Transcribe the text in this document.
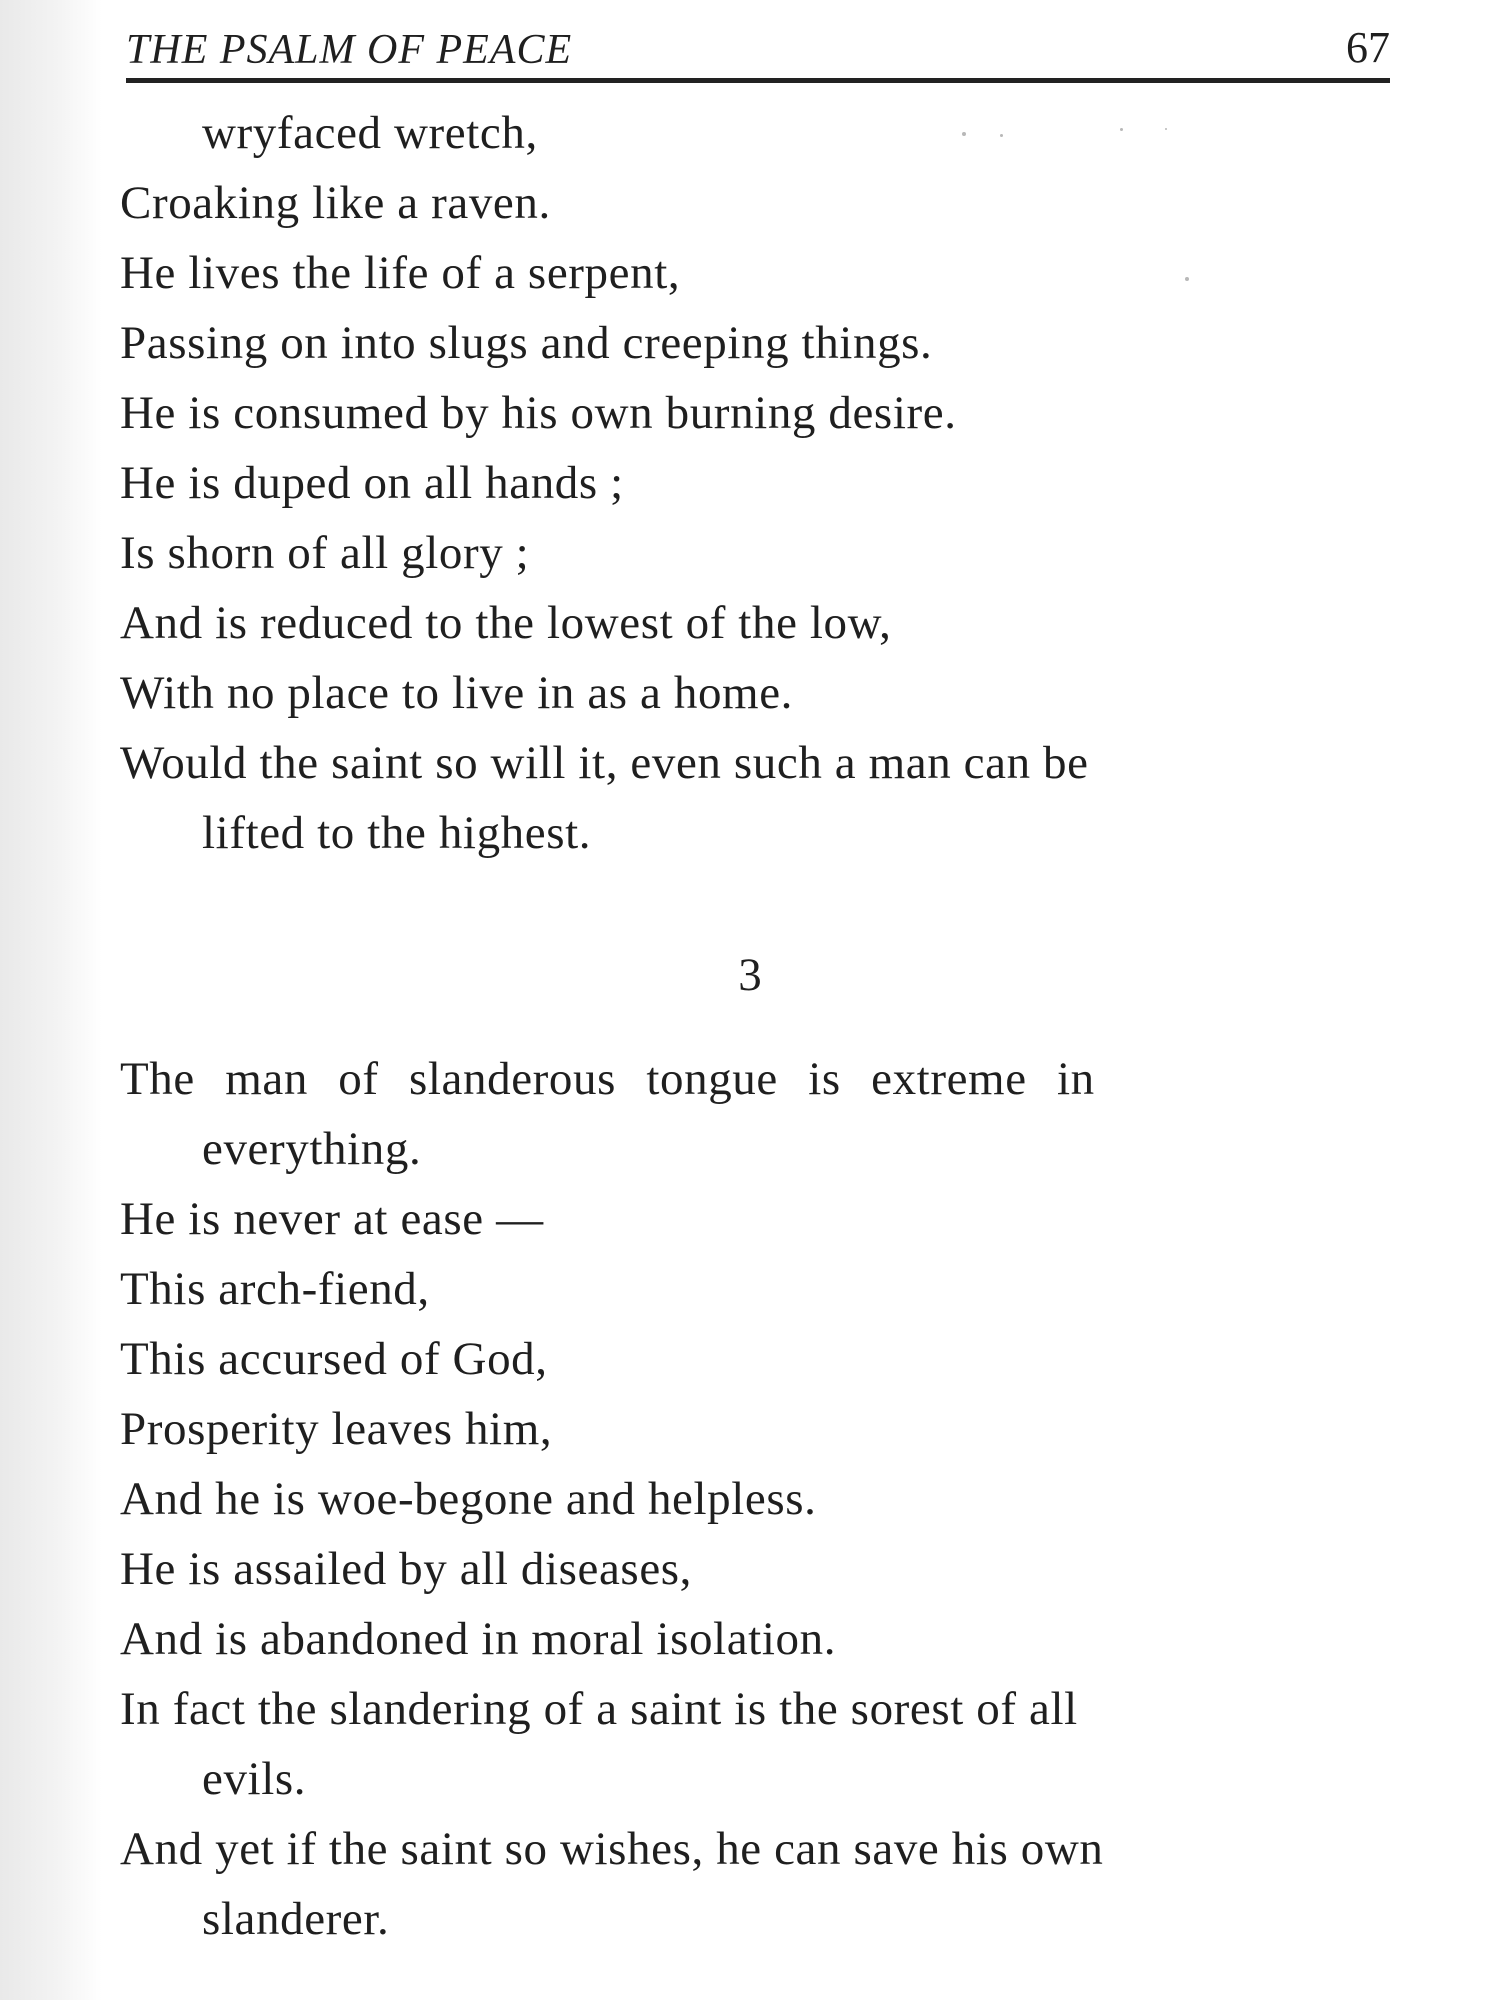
THE PSALM OF PEACE	67
wryfaced wretch,
Croaking like a raven.
He lives the life of a serpent,
Passing on into slugs and creeping things.
He is consumed by his own burning desire.
He is duped on all hands ;
Is shorn of all glory ;
And is reduced to the lowest of the low,
With no place to live in as a home.
Would the saint so will it, even such a man can be
lifted to the highest.
3
The man of slanderous tongue is extreme in
everything.
He is never at ease —
This arch-fiend,
This accursed of God,
Prosperity leaves him,
And he is woe-begone and helpless.
He is assailed by all diseases,
And is abandoned in moral isolation.
In fact the slandering of a saint is the sorest of all
evils.
And yet if the saint so wishes, he can save his own
slanderer.
